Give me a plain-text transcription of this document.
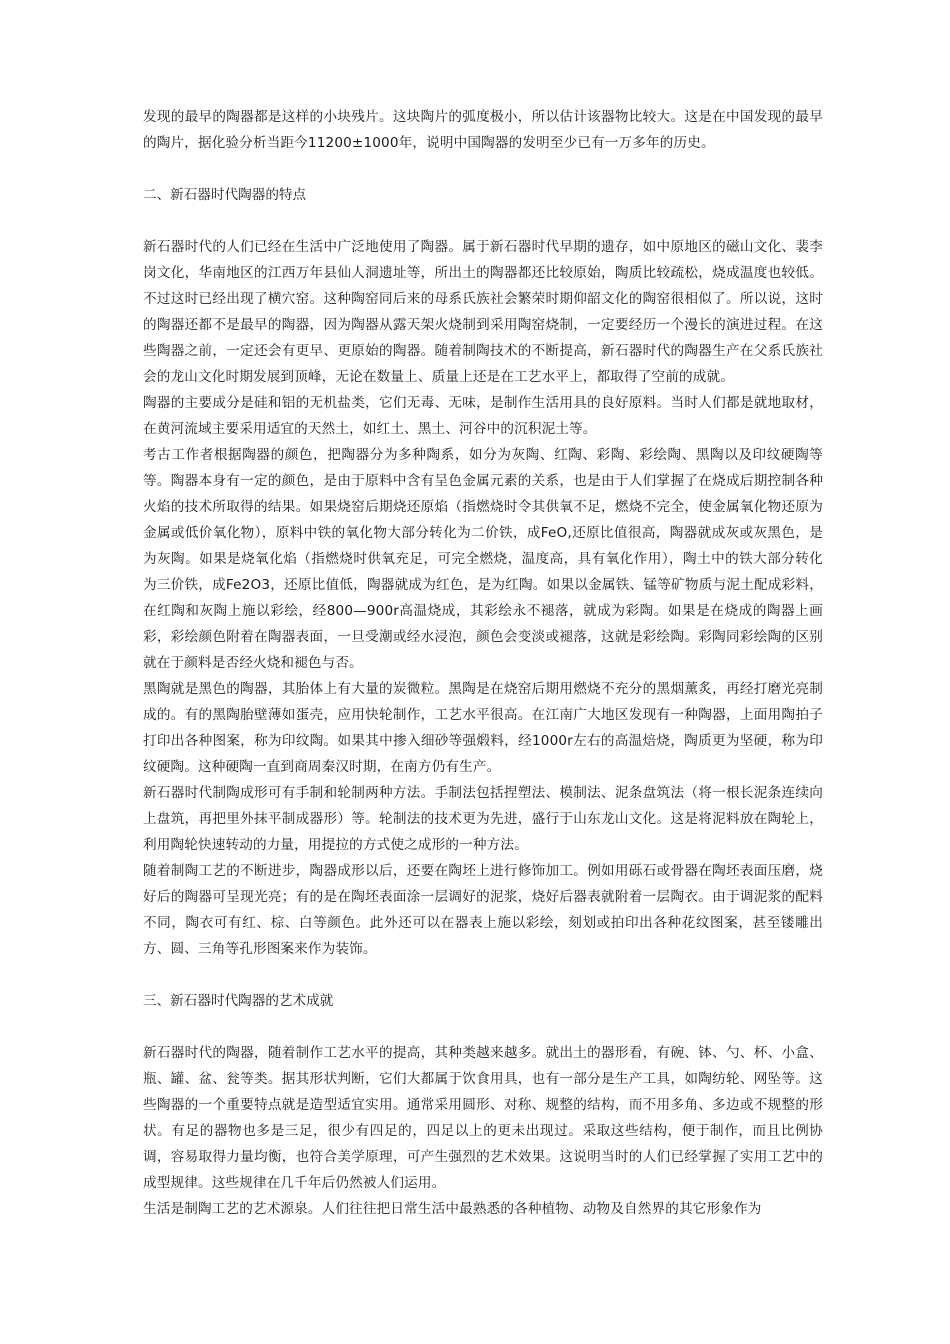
发现的最早的陶器都是这样的小块残片。这块陶片的弧度极小，所以估计该器物比较大。这是在中国发现的最早的陶片，据化验分析当距今11200±1000年，说明中国陶器的发明至少已有一万多年的历史。

二、新石器时代陶器的特点

新石器时代的人们已经在生活中广泛地使用了陶器。属于新石器时代早期的遗存，如中原地区的磁山文化、裴李岗文化，华南地区的江西万年县仙人洞遗址等，所出土的陶器都还比较原始，陶质比较疏松，烧成温度也较低。不过这时已经出现了横穴窑。这种陶窑同后来的母系氏族社会繁荣时期仰韶文化的陶窑很相似了。所以说，这时的陶器还都不是最早的陶器，因为陶器从露天架火烧制到采用陶窑烧制，一定要经历一个漫长的演进过程。在这些陶器之前，一定还会有更早、更原始的陶器。随着制陶技术的不断提高，新石器时代的陶器生产在父系氏族社会的龙山文化时期发展到顶峰，无论在数量上、质量上还是在工艺水平上，都取得了空前的成就。

陶器的主要成分是硅和铝的无机盐类，它们无毒、无味，是制作生活用具的良好原料。当时人们都是就地取材，在黄河流域主要采用适宜的天然土，如红土、黑土、河谷中的沉积泥土等。

考古工作者根据陶器的颜色，把陶器分为多种陶系，如分为灰陶、红陶、彩陶、彩绘陶、黑陶以及印纹硬陶等等。陶器本身有一定的颜色，是由于原料中含有呈色金属元素的关系，也是由于人们掌握了在烧成后期控制各种火焰的技术所取得的结果。如果烧窑后期烧还原焰（指燃烧时令其供氧不足，燃烧不完全，使金属氧化物还原为金属或低价氧化物），原料中铁的氧化物大部分转化为二价铁，成FeO,还原比值很高，陶器就成灰或灰黑色，是为灰陶。如果是烧氧化焰（指燃烧时供氧充足，可完全燃烧，温度高，具有氧化作用），陶土中的铁大部分转化为三价铁，成Fe2O3，还原比值低，陶器就成为红色，是为红陶。如果以金属铁、锰等矿物质与泥土配成彩料，在红陶和灰陶上施以彩绘，经800—900r高温烧成，其彩绘永不褪落，就成为彩陶。如果是在烧成的陶器上画彩，彩绘颜色附着在陶器表面，一旦受潮或经水浸泡，颜色会变淡或褪落，这就是彩绘陶。彩陶同彩绘陶的区别就在于颜料是否经火烧和褪色与否。

黑陶就是黑色的陶器，其胎体上有大量的炭微粒。黑陶是在烧窑后期用燃烧不充分的黑烟薰炙，再经打磨光亮制成的。有的黑陶胎壁薄如蛋壳，应用快轮制作，工艺水平很高。在江南广大地区发现有一种陶器，上面用陶拍子打印出各种图案，称为印纹陶。如果其中掺入细砂等强煅料，经1000r左右的高温焙烧，陶质更为坚硬，称为印纹硬陶。这种硬陶一直到商周秦汉时期，在南方仍有生产。

新石器时代制陶成形可有手制和轮制两种方法。手制法包括捏塑法、模制法、泥条盘筑法（将一根长泥条连续向上盘筑，再把里外抹平制成器形）等。轮制法的技术更为先进，盛行于山东龙山文化。这是将泥料放在陶轮上，利用陶轮快速转动的力量，用提拉的方式使之成形的一种方法。

随着制陶工艺的不断进步，陶器成形以后，还要在陶坯上进行修饰加工。例如用砾石或骨器在陶坯表面压磨，烧好后的陶器可呈现光亮；有的是在陶坯表面涂一层调好的泥浆，烧好后器表就附着一层陶衣。由于调泥浆的配料不同，陶衣可有红、棕、白等颜色。此外还可以在器表上施以彩绘，刻划或拍印出各种花纹图案，甚至镂雕出方、圆、三角等孔形图案来作为装饰。

三、新石器时代陶器的艺术成就

新石器时代的陶器，随着制作工艺水平的提高，其种类越来越多。就出土的器形看，有碗、钵、勺、杯、小盒、瓶、罐、盆、瓮等类。据其形状判断，它们大都属于饮食用具，也有一部分是生产工具，如陶纺轮、网坠等。这些陶器的一个重要特点就是造型适宜实用。通常采用圆形、对称、规整的结构，而不用多角、多边或不规整的形状。有足的器物也多是三足，很少有四足的，四足以上的更未出现过。采取这些结构，便于制作，而且比例协调，容易取得力量均衡，也符合美学原理，可产生强烈的艺术效果。这说明当时的人们已经掌握了实用工艺中的成型规律。这些规律在几千年后仍然被人们运用。

生活是制陶工艺的艺术源泉。人们往往把日常生活中最熟悉的各种植物、动物及自然界的其它形象作为
